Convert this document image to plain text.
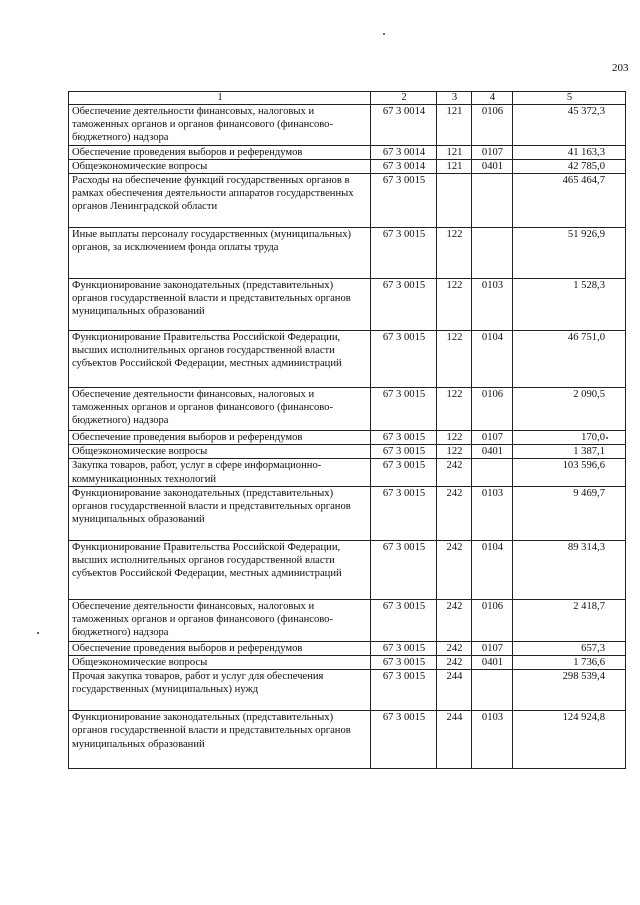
203
1	2	3	4	5
Обеспечение деятельности финансовых, налоговых и таможенных органов и органов финансового (финансово-бюджетного) надзора	67 3 0014	121	0106	45 372,3
Обеспечение проведения выборов и референдумов	67 3 0014	121	0107	41 163,3
Общеэкономические вопросы	67 3 0014	121	0401	42 785,0
Расходы на обеспечение функций государственных органов в рамках обеспечения деятельности аппаратов государственных органов Ленинградской области	67 3 0015			465 464,7
Иные выплаты персоналу государственных (муниципальных) органов, за исключением фонда оплаты труда	67 3 0015	122		51 926,9
Функционирование законодательных (представительных) органов государственной власти и представительных органов муниципальных образований	67 3 0015	122	0103	1 528,3
Функционирование Правительства Российской Федерации, высших исполнительных органов государственной власти субъектов Российской Федерации, местных администраций	67 3 0015	122	0104	46 751,0
Обеспечение деятельности финансовых, налоговых и таможенных органов и органов финансового (финансово-бюджетного) надзора	67 3 0015	122	0106	2 090,5
Обеспечение проведения выборов и референдумов	67 3 0015	122	0107	170,0
Общеэкономические вопросы	67 3 0015	122	0401	1 387,1
Закупка товаров, работ, услуг в сфере информационно-коммуникационных технологий	67 3 0015	242		103 596,6
Функционирование законодательных (представительных) органов государственной власти и представительных органов муниципальных образований	67 3 0015	242	0103	9 469,7
Функционирование Правительства Российской Федерации, высших исполнительных органов государственной власти субъектов Российской Федерации, местных администраций	67 3 0015	242	0104	89 314,3
Обеспечение деятельности финансовых, налоговых и таможенных органов и органов финансового (финансово-бюджетного) надзора	67 3 0015	242	0106	2 418,7
Обеспечение проведения выборов и референдумов	67 3 0015	242	0107	657,3
Общеэкономические вопросы	67 3 0015	242	0401	1 736,6
Прочая закупка товаров, работ и услуг для обеспечения государственных (муниципальных) нужд	67 3 0015	244		298 539,4
Функционирование законодательных (представительных) органов государственной власти и представительных органов муниципальных образований	67 3 0015	244	0103	124 924,8
